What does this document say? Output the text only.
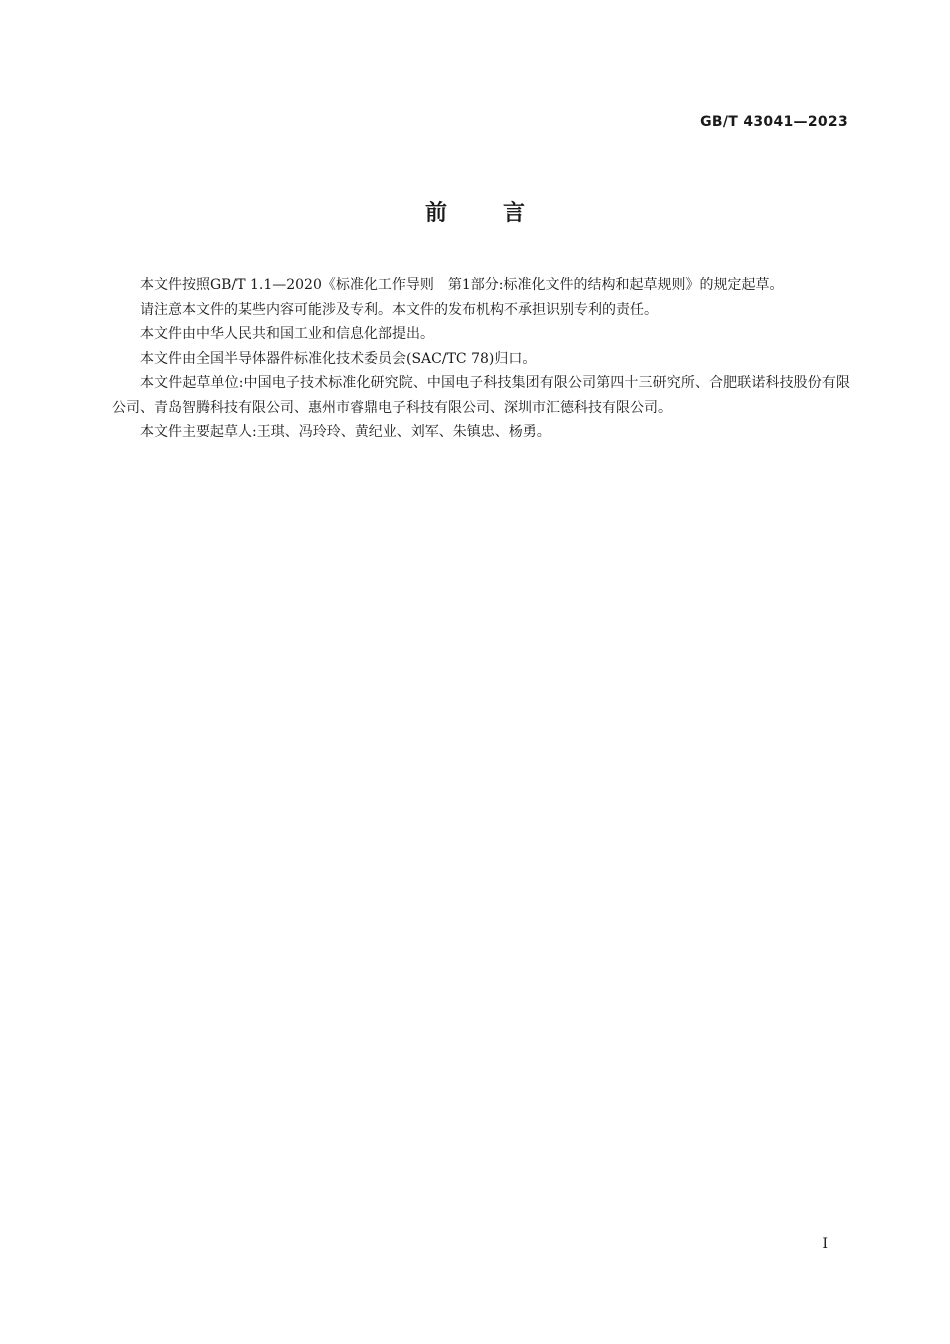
GB/T 43041—2023
前	言

本文件按照GB/T 1.1—2020《标准化工作导则　第1部分:标准化文件的结构和起草规则》的规定起草。

请注意本文件的某些内容可能涉及专利。本文件的发布机构不承担识别专利的责任。

本文件由中华人民共和国工业和信息化部提出。

本文件由全国半导体器件标准化技术委员会(SAC/TC 78)归口。

本文件起草单位:中国电子技术标准化研究院、中国电子科技集团有限公司第四十三研究所、合肥联诺科技股份有限公司、青岛智腾科技有限公司、惠州市睿鼎电子科技有限公司、深圳市汇德科技有限公司。

本文件主要起草人:王琪、冯玲玲、黄纪业、刘军、朱镇忠、杨勇。

I
